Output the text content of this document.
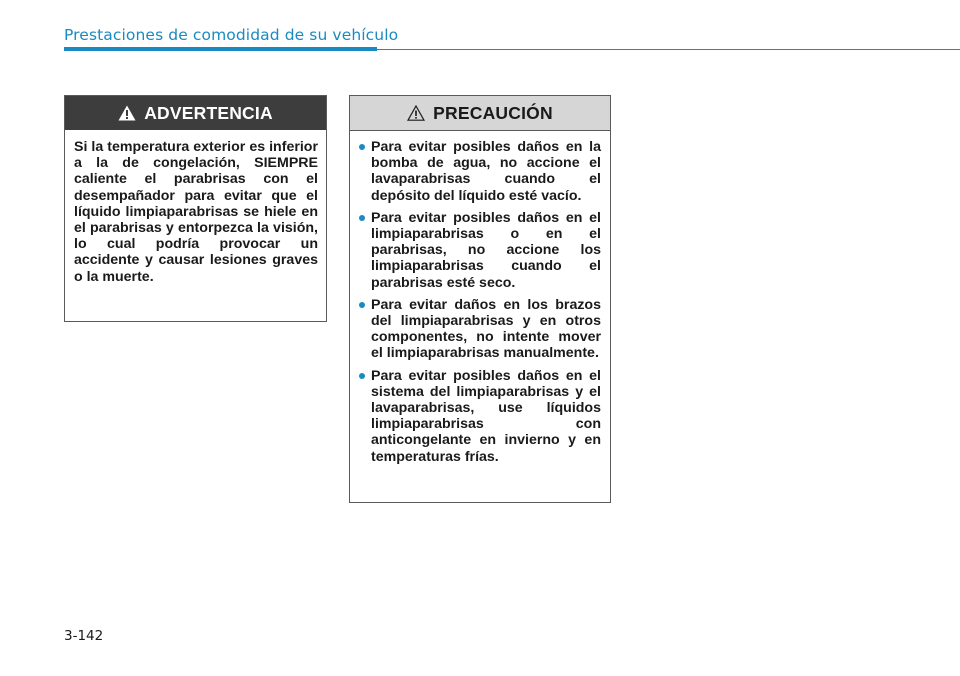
Prestaciones de comodidad de su vehículo
ADVERTENCIA
Si la temperatura exterior es inferior a la de congelación, SIEMPRE caliente el parabrisas con el desempañador para evitar que el líquido limpiaparabrisas se hiele en el parabrisas y entorpezca la visión, lo cual podría provocar un accidente y causar lesiones graves o la muerte.
PRECAUCIÓN
Para evitar posibles daños en la bomba de agua, no accione el lavaparabrisas cuando el depósito del líquido esté vacío.
Para evitar posibles daños en el limpiaparabrisas o en el parabrisas, no accione los limpiaparabrisas cuando el parabrisas esté seco.
Para evitar daños en los brazos del limpiaparabrisas y en otros componentes, no intente mover el limpiaparabrisas manualmente.
Para evitar posibles daños en el sistema del limpiaparabrisas y el lavaparabrisas, use líquidos limpiaparabrisas con anticongelante en invierno y en temperaturas frías.
3-142
